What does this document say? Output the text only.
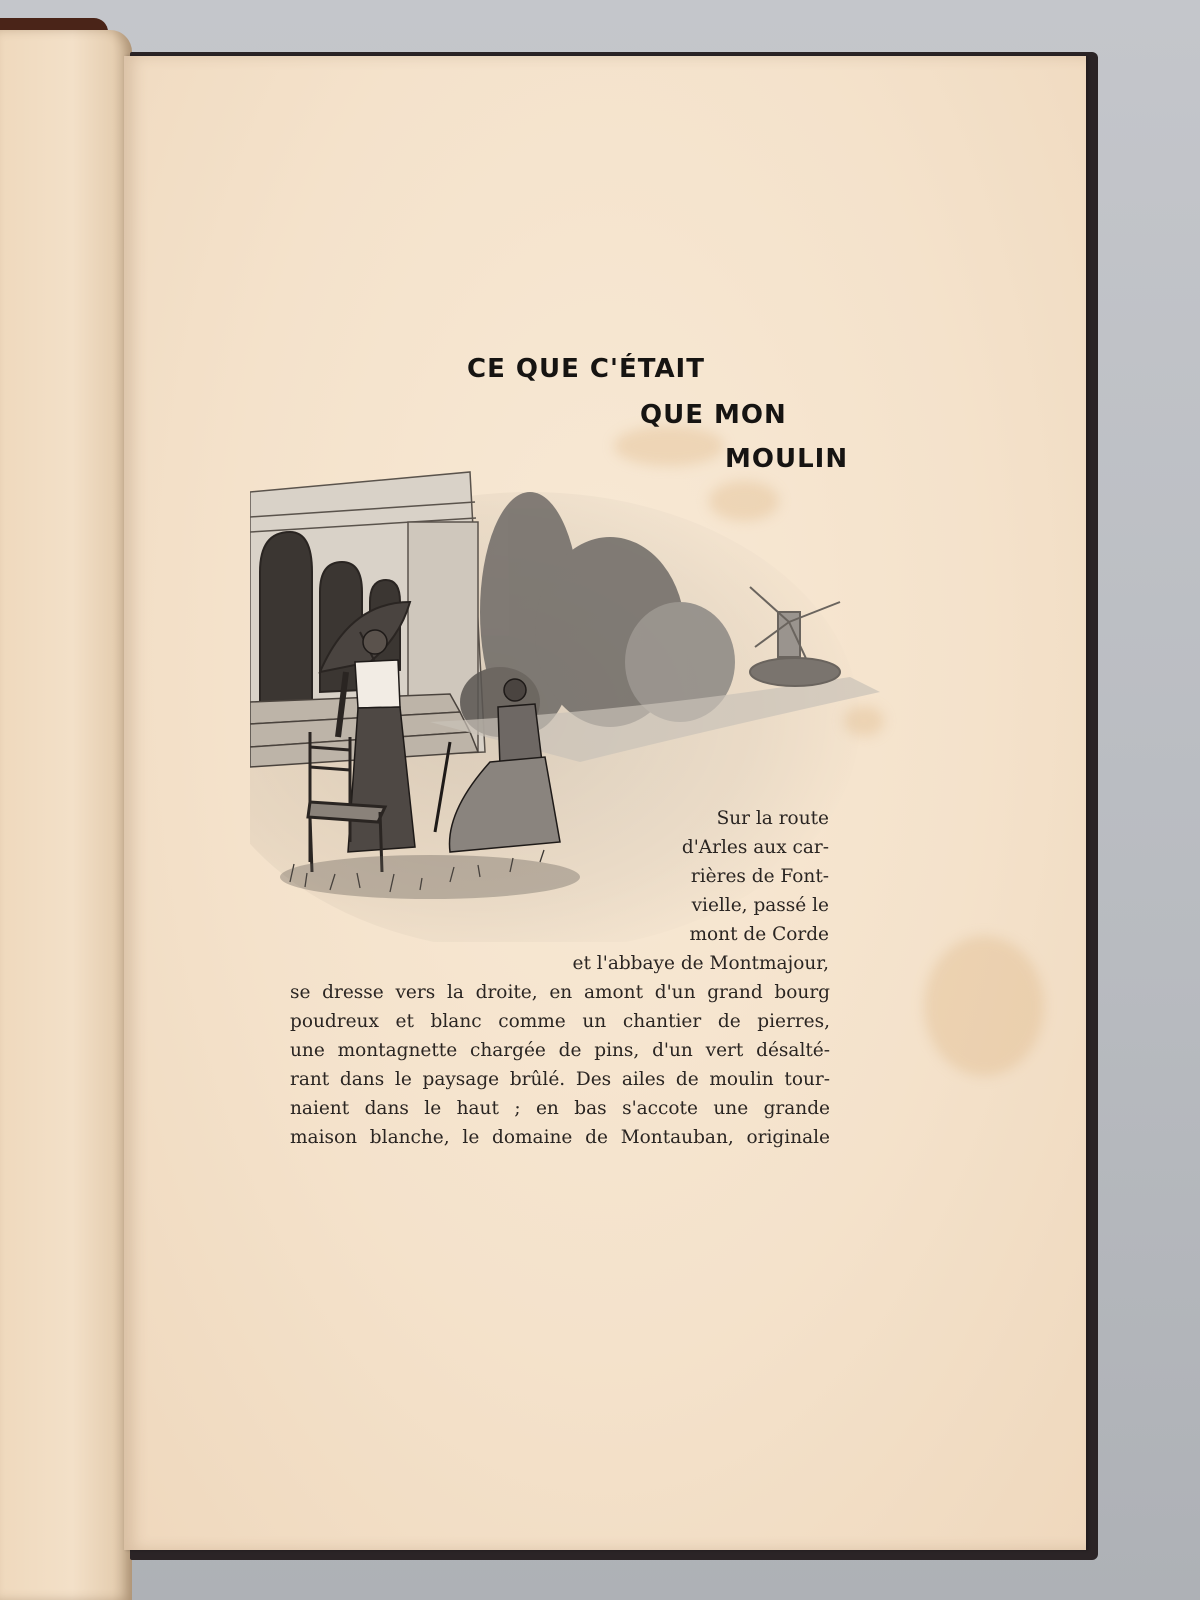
CE QUE C'ÉTAIT
QUE MON
MOULIN

Sur la route

d'Arles aux car-

rières de Font-

vielle, passé le

mont de Corde

et l'abbaye de Montmajour,

se dresse vers la droite, en amont d'un grand bourg

poudreux et blanc comme un chantier de pierres,

une montagnette chargée de pins, d'un vert désalté-

rant dans le paysage brûlé. Des ailes de moulin tour-

naient dans le haut ; en bas s'accote une grande

maison blanche, le domaine de Montauban, originale
